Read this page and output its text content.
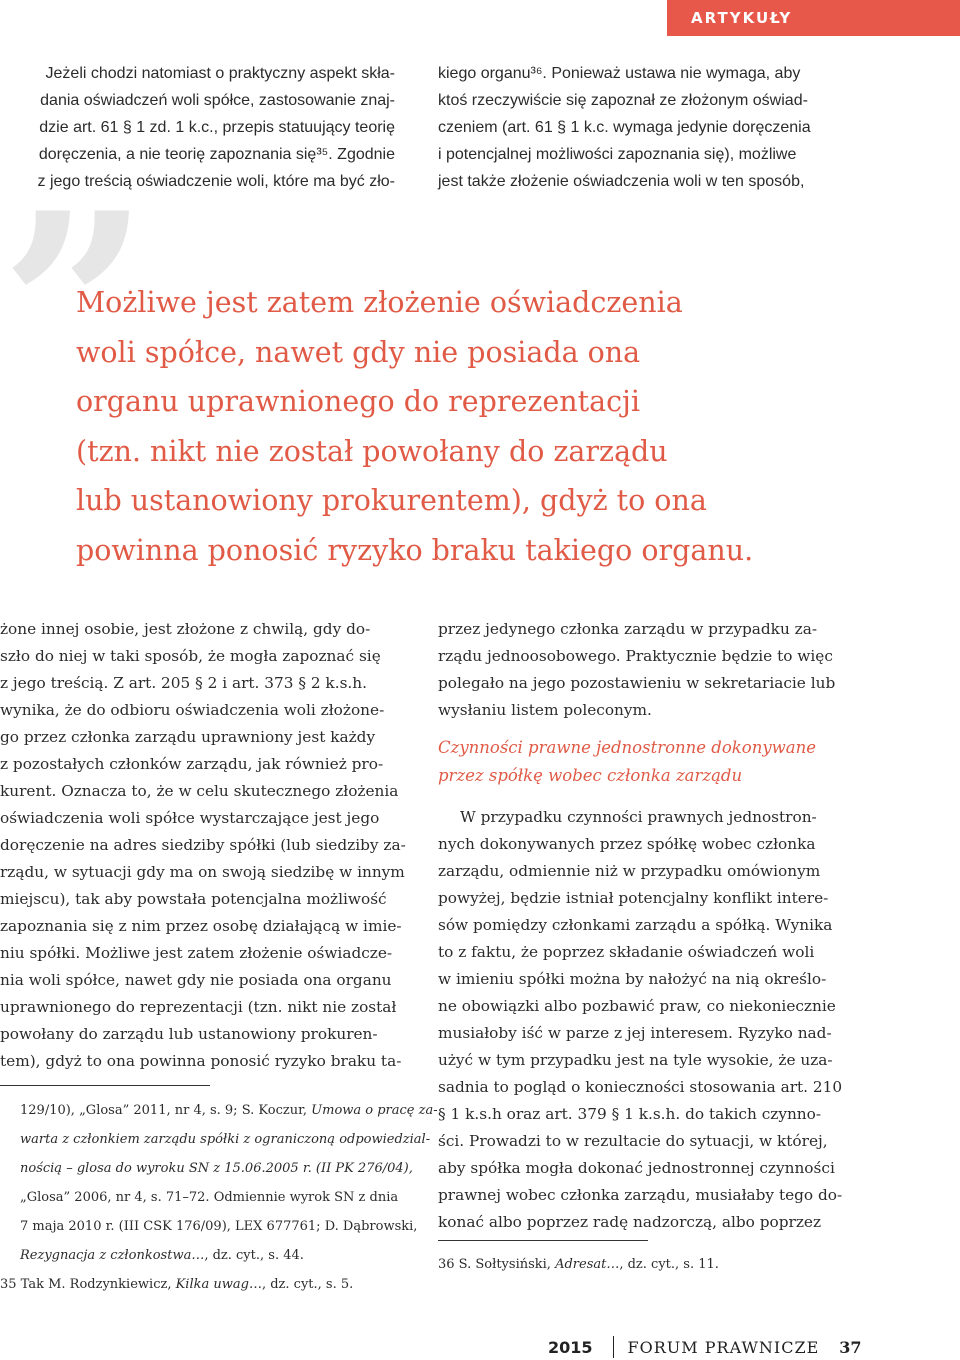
ARTYKUŁY
Jeżeli chodzi natomiast o praktyczny aspekt skła-
dania oświadczeń woli spółce, zastosowanie znaj-
dzie art. 61 § 1 zd. 1 k.c., przepis statuujący teorię
doręczenia, a nie teorię zapoznania się³⁵. Zgodnie
z jego treścią oświadczenie woli, które ma być zło-
kiego organu³⁶. Ponieważ ustawa nie wymaga, aby
ktoś rzeczywiście się zapoznał ze złożonym oświad-
czeniem (art. 61 § 1 k.c. wymaga jedynie doręczenia
i potencjalnej możliwości zapoznania się), możliwe
jest także złożenie oświadczenia woli w ten sposób,
”
Możliwe jest zatem złożenie oświadczenia
woli spółce, nawet gdy nie posiada ona
organu uprawnionego do reprezentacji
(tzn. nikt nie został powołany do zarządu
lub ustanowiony prokurentem), gdyż to ona
powinna ponosić ryzyko braku takiego organu.
żone innej osobie, jest złożone z chwilą, gdy do-
szło do niej w taki sposób, że mogła zapoznać się
z jego treścią. Z art. 205 § 2 i art. 373 § 2 k.s.h.
wynika, że do odbioru oświadczenia woli złożone-
go przez członka zarządu uprawniony jest każdy
z pozostałych członków zarządu, jak również pro-
kurent. Oznacza to, że w celu skutecznego złożenia
oświadczenia woli spółce wystarczające jest jego
doręczenie na adres siedziby spółki (lub siedziby za-
rządu, w sytuacji gdy ma on swoją siedzibę w innym
miejscu), tak aby powstała potencjalna możliwość
zapoznania się z nim przez osobę działającą w imie-
niu spółki. Możliwe jest zatem złożenie oświadcze-
nia woli spółce, nawet gdy nie posiada ona organu
uprawnionego do reprezentacji (tzn. nikt nie został
powołany do zarządu lub ustanowiony prokuren-
tem), gdyż to ona powinna ponosić ryzyko braku ta-
przez jedynego członka zarządu w przypadku za-
rządu jednoosobowego. Praktycznie będzie to więc
polegało na jego pozostawieniu w sekretariacie lub
wysłaniu listem poleconym.
Czynności prawne jednostronne dokonywane
przez spółkę wobec członka zarządu
W przypadku czynności prawnych jednostron-
nych dokonywanych przez spółkę wobec członka
zarządu, odmiennie niż w przypadku omówionym
powyżej, będzie istniał potencjalny konflikt intere-
sów pomiędzy członkami zarządu a spółką. Wynika
to z faktu, że poprzez składanie oświadczeń woli
w imieniu spółki można by nałożyć na nią określo-
ne obowiązki albo pozbawić praw, co niekoniecznie
musiałoby iść w parze z jej interesem. Ryzyko nad-
użyć w tym przypadku jest na tyle wysokie, że uza-
sadnia to pogląd o konieczności stosowania art. 210
§ 1 k.s.h oraz art. 379 § 1 k.s.h. do takich czynno-
ści. Prowadzi to w rezultacie do sytuacji, w której,
aby spółka mogła dokonać jednostronnej czynności
prawnej wobec członka zarządu, musiałaby tego do-
konać albo poprzez radę nadzorczą, albo poprzez
129/10), „Glosa” 2011, nr 4, s. 9; S. Koczur, Umowa o pracę za-
warta z członkiem zarządu spółki z ograniczoną odpowiedzial-
nością – glosa do wyroku SN z 15.06.2005 r. (II PK 276/04),
„Glosa” 2006, nr 4, s. 71–72. Odmiennie wyrok SN z dnia
7 maja 2010 r. (III CSK 176/09), LEX 677761; D. Dąbrowski,
Rezygnacja z członkostwa…, dz. cyt., s. 44.
35 Tak M. Rodzynkiewicz, Kilka uwag…, dz. cyt., s. 5.
36 S. Sołtysiński, Adresat…, dz. cyt., s. 11.
2015 FORUM PRAWNICZE 37
